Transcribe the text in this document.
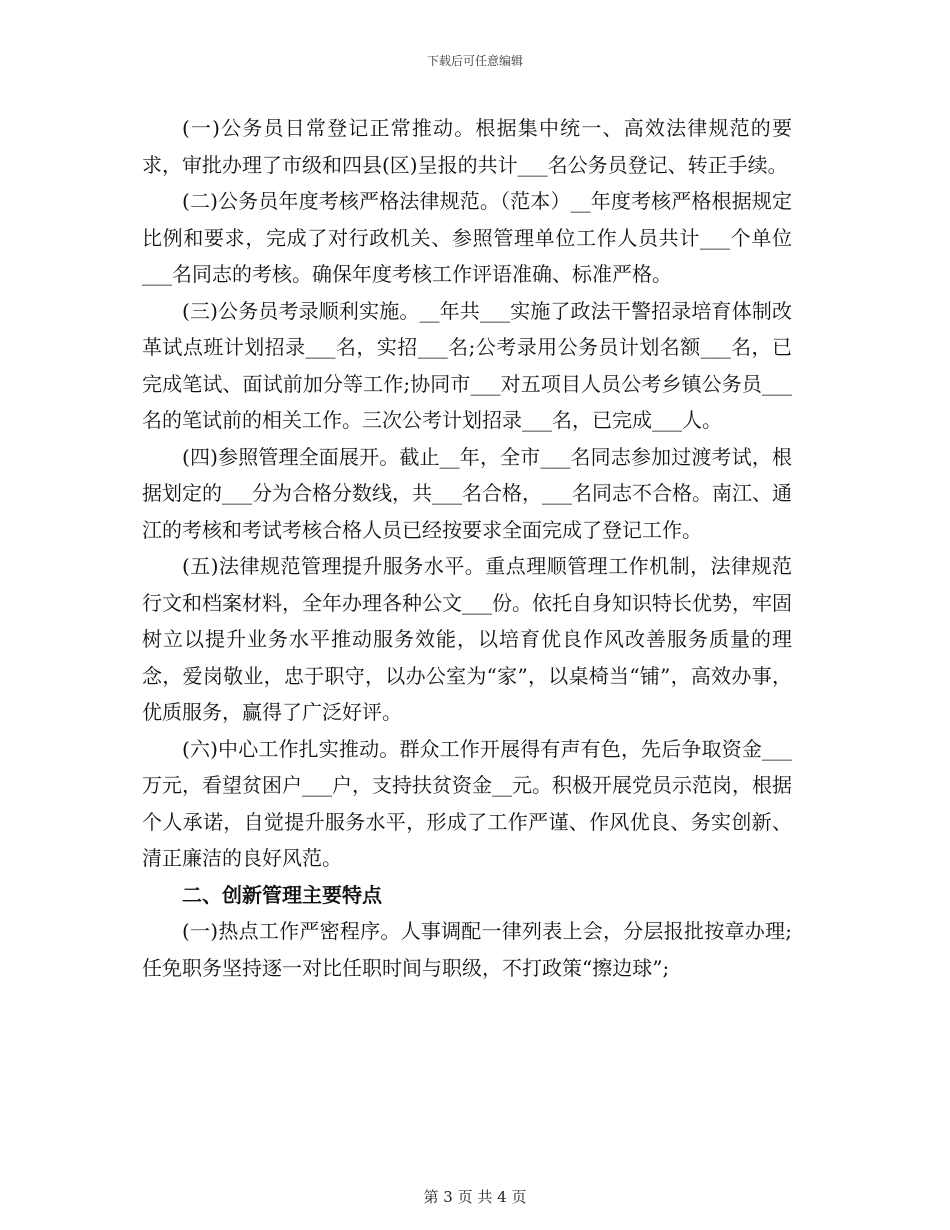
下载后可任意编辑

(一)公务员日常登记正常推动。根据集中统一、高效法律规范的要求，审批办理了市级和四县(区)呈报的共计___名公务员登记、转正手续。

(二)公务员年度考核严格法律规范。（范本）__年度考核严格根据规定比例和要求，完成了对行政机关、参照管理单位工作人员共计___个单位___名同志的考核。确保年度考核工作评语准确、标准严格。

(三)公务员考录顺利实施。__年共___实施了政法干警招录培育体制改革试点班计划招录___名，实招___名;公考录用公务员计划名额___名，已完成笔试、面试前加分等工作;协同市___对五项目人员公考乡镇公务员___名的笔试前的相关工作。三次公考计划招录___名，已完成___人。

(四)参照管理全面展开。截止__年，全市___名同志参加过渡考试，根据划定的___分为合格分数线，共___名合格，___名同志不合格。南江、通江的考核和考试考核合格人员已经按要求全面完成了登记工作。

(五)法律规范管理提升服务水平。重点理顺管理工作机制，法律规范行文和档案材料，全年办理各种公文___份。依托自身知识特长优势，牢固树立以提升业务水平推动服务效能，以培育优良作风改善服务质量的理念，爱岗敬业，忠于职守，以办公室为“家”，以桌椅当“铺”，高效办事，优质服务，赢得了广泛好评。

(六)中心工作扎实推动。群众工作开展得有声有色，先后争取资金___万元，看望贫困户___户，支持扶贫资金__元。积极开展党员示范岗，根据个人承诺，自觉提升服务水平，形成了工作严谨、作风优良、务实创新、清正廉洁的良好风范。

二、创新管理主要特点

(一)热点工作严密程序。人事调配一律列表上会，分层报批按章办理;任免职务坚持逐一对比任职时间与职级，不打政策“擦边球”;

第 3 页 共 4 页
